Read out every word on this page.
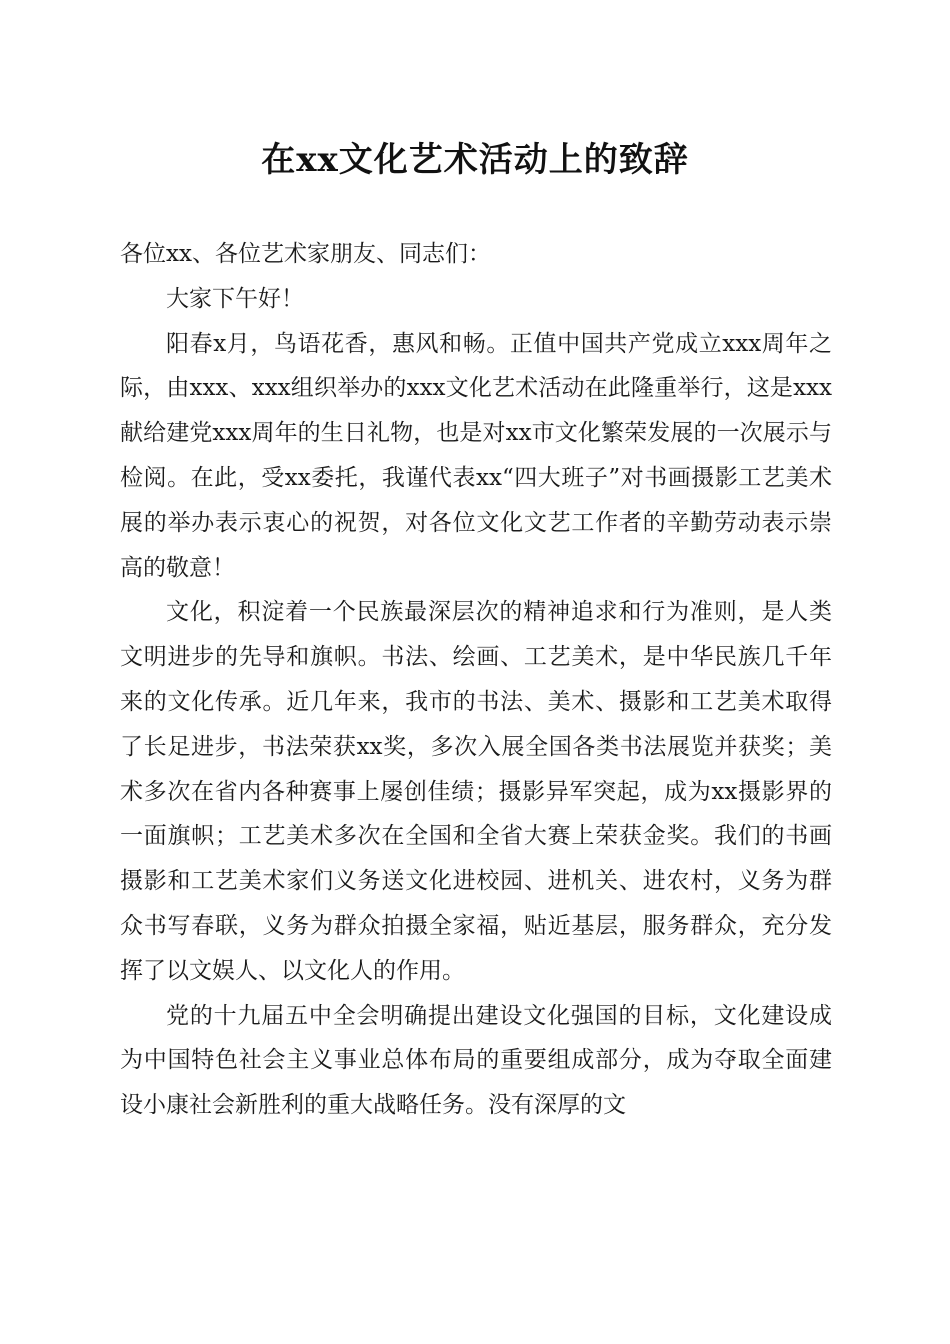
在xx文化艺术活动上的致辞

各位xx、各位艺术家朋友、同志们：

大家下午好！

阳春x月，鸟语花香，惠风和畅。正值中国共产党成立xxx周年之际，由xxx、xxx组织举办的xxx文化艺术活动在此隆重举行，这是xxx献给建党xxx周年的生日礼物，也是对xx市文化繁荣发展的一次展示与检阅。在此，受xx委托，我谨代表xx“四大班子”对书画摄影工艺美术展的举办表示衷心的祝贺，对各位文化文艺工作者的辛勤劳动表示崇高的敬意！

文化，积淀着一个民族最深层次的精神追求和行为准则，是人类文明进步的先导和旗帜。书法、绘画、工艺美术，是中华民族几千年来的文化传承。近几年来，我市的书法、美术、摄影和工艺美术取得了长足进步，书法荣获xx奖，多次入展全国各类书法展览并获奖；美术多次在省内各种赛事上屡创佳绩；摄影异军突起，成为xx摄影界的一面旗帜；工艺美术多次在全国和全省大赛上荣获金奖。我们的书画摄影和工艺美术家们义务送文化进校园、进机关、进农村，义务为群众书写春联，义务为群众拍摄全家福，贴近基层，服务群众，充分发挥了以文娱人、以文化人的作用。

党的十九届五中全会明确提出建设文化强国的目标，文化建设成为中国特色社会主义事业总体布局的重要组成部分，成为夺取全面建设小康社会新胜利的重大战略任务。没有深厚的文
